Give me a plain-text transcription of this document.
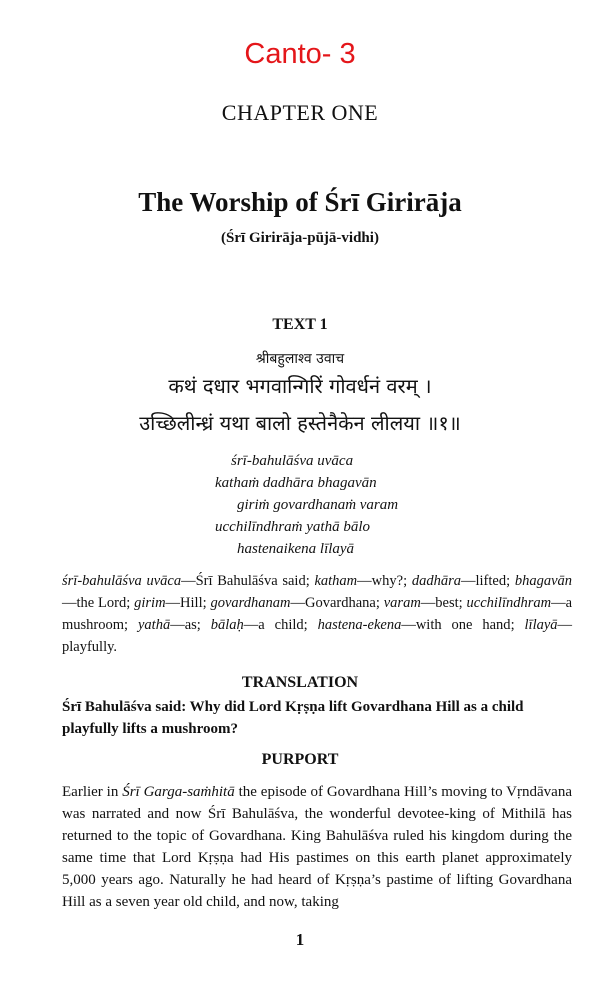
Canto- 3
CHAPTER ONE
The Worship of Śrī Girirāja
(Śrī Girirāja-pūjā-vidhi)
TEXT 1
श्रीबहुलाश्व उवाच
कथं दधार भगवान्गिरिं गोवर्धनं वरम् ।
उच्छिलीन्ध्रं यथा बालो हस्तेनैकेन लीलया ॥१॥
śrī-bahulāśva uvāca
kathaṁ dadhāra bhagavān
giriṁ govardhanaṁ varam
ucchilīndhraṁ yathā bālo
hastenaikena līlayā
śrī-bahulāśva uvāca—Śrī Bahulāśva said; katham—why?; dadhāra—lifted; bhagavān—the Lord; girim—Hill; govardhanam—Govardhana; varam—best; ucchilīndhram—a mushroom; yathā—as; bālaḥ—a child; hastena-ekena—with one hand; līlayā—playfully.
TRANSLATION
Śrī Bahulāśva said: Why did Lord Kṛṣṇa lift Govardhana Hill as a child playfully lifts a mushroom?
PURPORT
Earlier in Śrī Garga-saṁhitā the episode of Govardhana Hill’s moving to Vṛndāvana was narrated and now Śrī Bahulāśva, the wonderful devotee-king of Mithilā has returned to the topic of Govardhana. King Bahulāśva ruled his kingdom during the same time that Lord Kṛṣṇa had His pastimes on this earth planet approximately 5,000 years ago. Naturally he had heard of Kṛṣṇa’s pastime of lifting Govardhana Hill as a seven year old child, and now, taking
1
